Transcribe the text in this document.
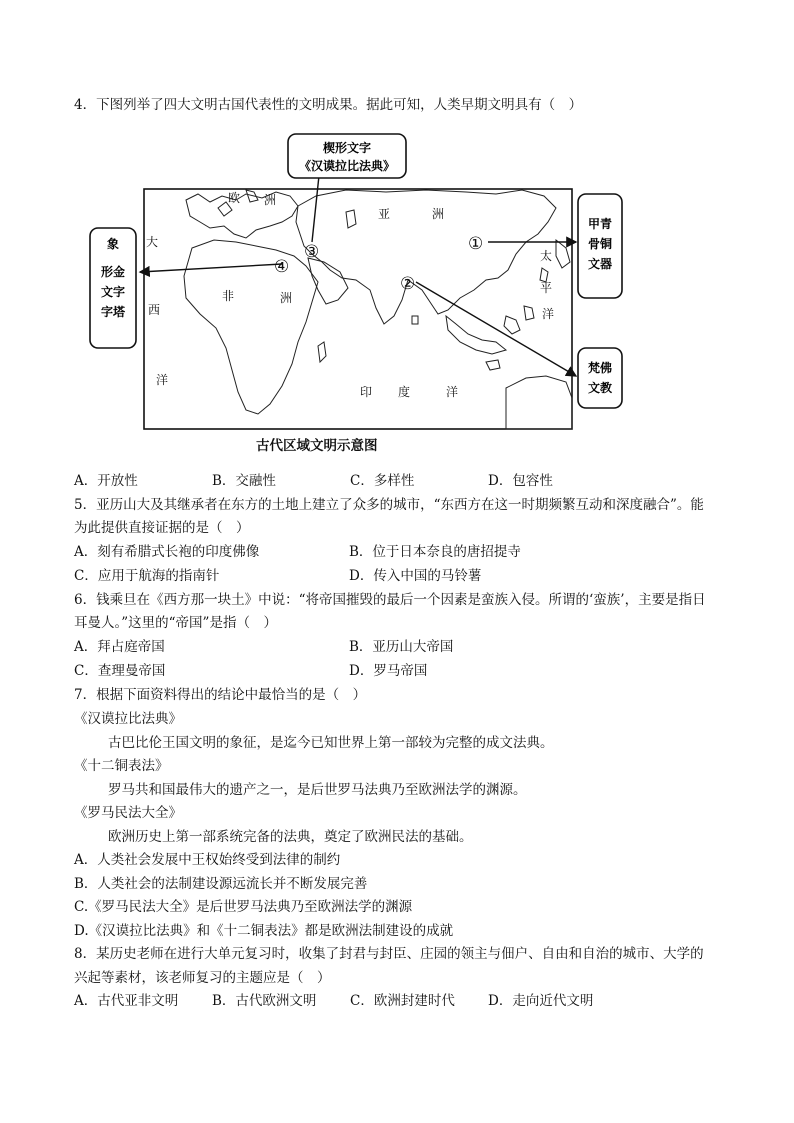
4．下图列举了四大文明古国代表性的文明成果。据此可知，人类早期文明具有（　）
欧 洲
亚	洲
大
西
洋
非	洲
印 度	洋
太
平
洋
①
②
③
④
楔形文字
《汉谟拉比法典》
象
形金
文字
字塔
甲青
骨铜
文器
梵佛
文教
古代区域文明示意图
A．开放性	B．交融性	C．多样性	D．包容性
5．亚历山大及其继承者在东方的土地上建立了众多的城市，“东西方在这一时期频繁互动和深度融合”。能
为此提供直接证据的是（　）
A．刻有希腊式长袍的印度佛像	B．位于日本奈良的唐招提寺
C．应用于航海的指南针	D．传入中国的马铃薯
6．钱乘旦在《西方那一块土》中说：“将帝国摧毁的最后一个因素是蛮族入侵。所谓的‘蛮族’，主要是指日
耳曼人。”这里的“帝国”是指（　）
A．拜占庭帝国	B．亚历山大帝国
C．查理曼帝国	D．罗马帝国
7．根据下面资料得出的结论中最恰当的是（　）
《汉谟拉比法典》
古巴比伦王国文明的象征，是迄今已知世界上第一部较为完整的成文法典。
《十二铜表法》
罗马共和国最伟大的遗产之一，是后世罗马法典乃至欧洲法学的渊源。
《罗马民法大全》
欧洲历史上第一部系统完备的法典，奠定了欧洲民法的基础。
A．人类社会发展中王权始终受到法律的制约
B．人类社会的法制建设源远流长并不断发展完善
C.《罗马民法大全》是后世罗马法典乃至欧洲法学的渊源
D.《汉谟拉比法典》和《十二铜表法》都是欧洲法制建设的成就
8．某历史老师在进行大单元复习时，收集了封君与封臣、庄园的领主与佃户、自由和自治的城市、大学的
兴起等素材，该老师复习的主题应是（　）
A．古代亚非文明	B．古代欧洲文明 C．欧洲封建时代 D．走向近代文明
